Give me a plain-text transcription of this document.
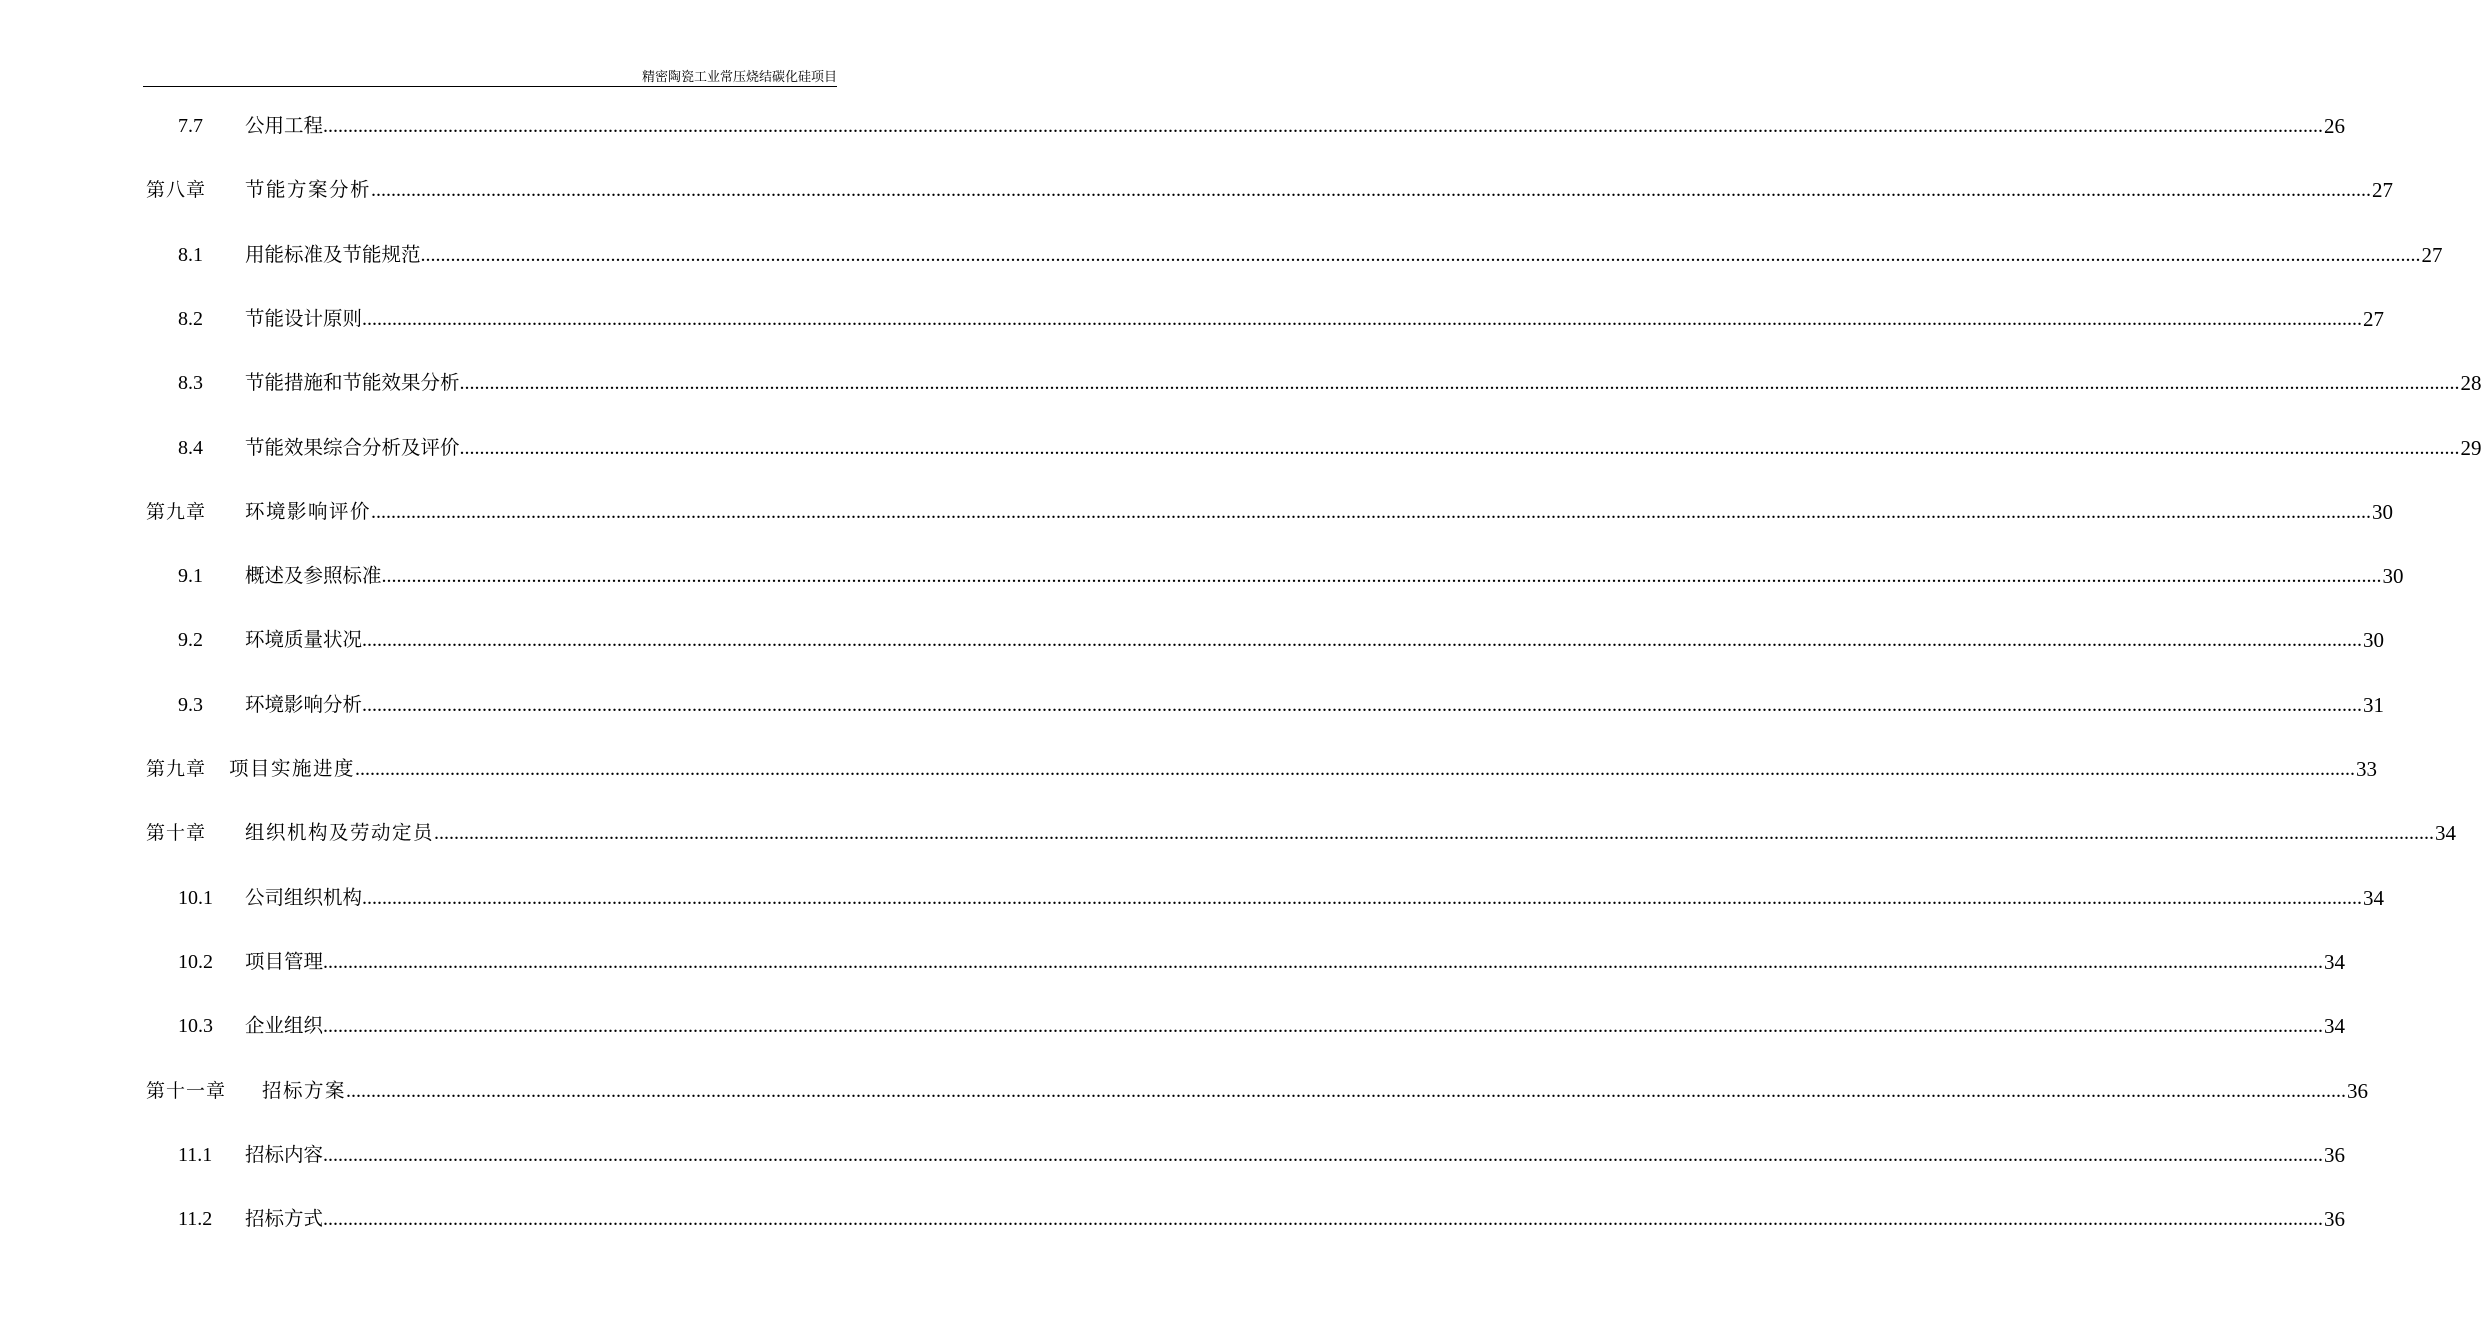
精密陶瓷工业常压烧结碳化硅项目
7.7 公用工程 ................................................................................................................................................................................................................................................................................................................................................................................................................ 26
第八章 节能方案分析 ................................................................................................................................................................................................................................................................................................................................................................................................................ 27
8.1 用能标准及节能规范 ................................................................................................................................................................................................................................................................................................................................................................................................................ 27
8.2 节能设计原则 ................................................................................................................................................................................................................................................................................................................................................................................................................ 27
8.3 节能措施和节能效果分析 ................................................................................................................................................................................................................................................................................................................................................................................................................ 28
8.4 节能效果综合分析及评价 ................................................................................................................................................................................................................................................................................................................................................................................................................ 29
第九章 环境影响评价 ................................................................................................................................................................................................................................................................................................................................................................................................................ 30
9.1 概述及参照标准 ................................................................................................................................................................................................................................................................................................................................................................................................................ 30
9.2 环境质量状况 ................................................................................................................................................................................................................................................................................................................................................................................................................ 30
9.3 环境影响分析 ................................................................................................................................................................................................................................................................................................................................................................................................................ 31
第九章 项目实施进度 ................................................................................................................................................................................................................................................................................................................................................................................................................ 33
第十章 组织机构及劳动定员 ................................................................................................................................................................................................................................................................................................................................................................................................................ 34
10.1 公司组织机构 ................................................................................................................................................................................................................................................................................................................................................................................................................ 34
10.2 项目管理 ................................................................................................................................................................................................................................................................................................................................................................................................................ 34
10.3 企业组织 ................................................................................................................................................................................................................................................................................................................................................................................................................ 34
第十一章 招标方案 ................................................................................................................................................................................................................................................................................................................................................................................................................ 36
11.1 招标内容 ................................................................................................................................................................................................................................................................................................................................................................................................................ 36
11.2 招标方式 ................................................................................................................................................................................................................................................................................................................................................................................................................ 36
